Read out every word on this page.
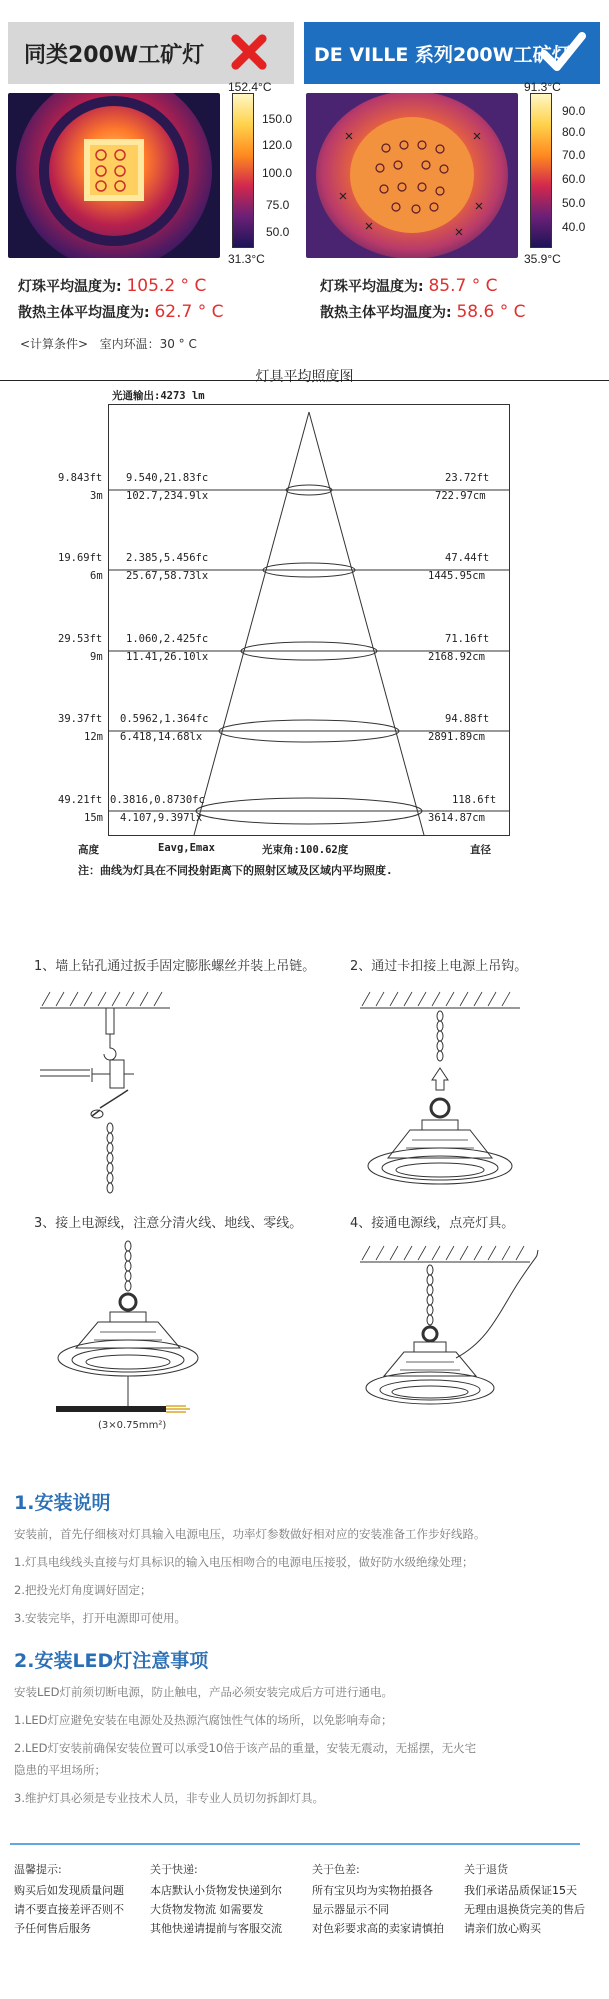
同类200W工矿灯	DE VILLE 系列200W工矿灯
152.4°C
31.3°C
150.0
120.0
100.0
75.0
50.0
91.3°C
35.9°C
90.0
80.0
70.0
60.0
50.0
40.0
灯珠平均温度为: 105.2 ° C
散热主体平均温度为: 62.7 ° C
<计算条件> 室内环温：30 ° C
灯珠平均温度为: 85.7 ° C
散热主体平均温度为: 58.6 ° C
灯具平均照度图
光通输出:4273 lm
9.843ft
3m
9.540,21.83fc
102.7,234.9lx
23.72ft
722.97cm
19.69ft
6m
2.385,5.456fc
25.67,58.73lx
47.44ft
1445.95cm
29.53ft
9m
1.060,2.425fc
11.41,26.10lx
71.16ft
2168.92cm
39.37ft
12m
0.5962,1.364fc
6.418,14.68lx
94.88ft
2891.89cm
49.21ft
15m
0.3816,0.8730fc
4.107,9.397lx
118.6ft
3614.87cm
高度	Eavg,Emax	光束角:100.62度	直径
注：曲线为灯具在不同投射距离下的照射区域及区域内平均照度.
1、墙上钻孔通过扳手固定膨胀螺丝并装上吊链。	2、通过卡扣接上电源上吊钩。
3、接上电源线，注意分清火线、地线、零线。	4、接通电源线，点亮灯具。
(3×0.75mm²)
1.安装说明
安装前，首先仔细核对灯具输入电源电压，功率灯参数做好相对应的安装准备工作步好线路。
1.灯具电线线头直接与灯具标识的输入电压相吻合的电源电压接驳，做好防水级绝缘处理；
2.把投光灯角度调好固定；
3.安装完毕，打开电源即可使用。
2.安装LED灯注意事项
安装LED灯前须切断电源，防止触电，产品必须安装完成后方可进行通电。
1.LED灯应避免安装在电源处及热源汽腐蚀性气体的场所，以免影响寿命；
2.LED灯安装前确保安装位置可以承受10倍于该产品的重量，安装无震动，无摇摆，无火宅
隐患的平坦场所；
3.维护灯具必须是专业技术人员，非专业人员切勿拆卸灯具。
温馨提示:
购买后如发现质量问题
请不要直接差评否则不
予任何售后服务
关于快递:
本店默认小货物发快递到尔
大货物发物流 如需要发
其他快递请提前与客服交流
关于色差:
所有宝贝均为实物拍摄各
显示器显示不同
对色彩要求高的卖家请慎拍
关于退货
我们承诺品质保证15天
无理由退换货完美的售后
请亲们放心购买
